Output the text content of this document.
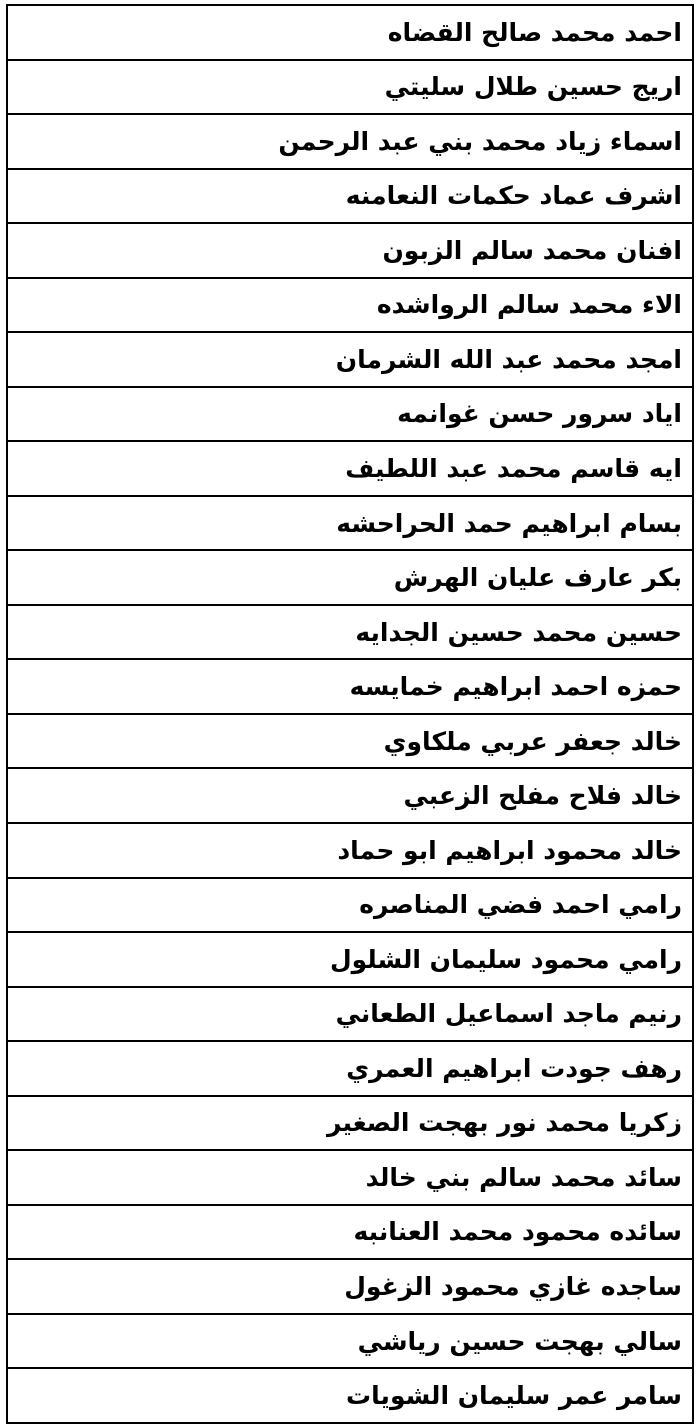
احمد محمد صالح القضاه
اريج حسين طلال سليتي
اسماء زياد محمد بني عبد الرحمن
اشرف عماد حكمات النعامنه
افنان محمد سالم الزبون
الاء محمد سالم الرواشده
امجد محمد عبد الله الشرمان
اياد سرور حسن غوانمه
ايه قاسم محمد عبد اللطيف
بسام ابراهيم حمد الحراحشه
بكر عارف عليان الهرش
حسين محمد حسين الجدايه
حمزه احمد ابراهيم خمايسه
خالد جعفر عربي ملكاوي
خالد فلاح مفلح الزعبي
خالد محمود ابراهيم ابو حماد
رامي احمد فضي المناصره
رامي محمود سليمان الشلول
رنيم ماجد اسماعيل الطعاني
رهف جودت ابراهيم العمري
زكريا محمد نور بهجت الصغير
سائد محمد سالم بني خالد
سائده محمود محمد العنانبه
ساجده غازي محمود الزغول
سالي بهجت حسين رياشي
سامر عمر سليمان الشويات
